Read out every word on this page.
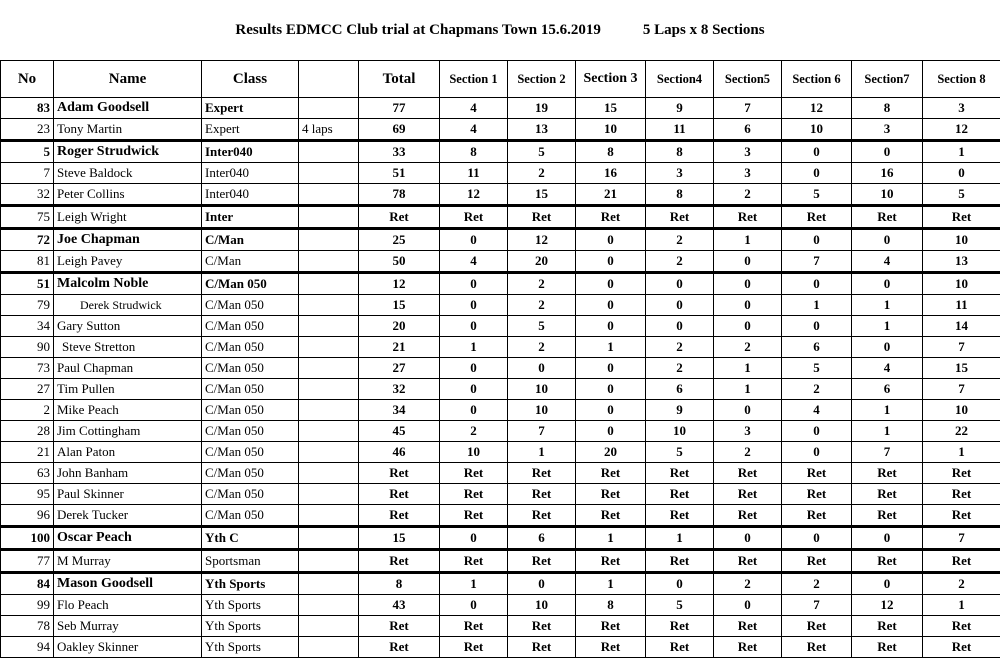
Results EDMCC Club trial at Chapmans Town 15.6.2019	5 Laps x 8 Sections
No	Name	Class		Total	Section 1	Section 2	Section 3	Section4	Section5	Section 6	Section7	Section 8
83	Adam Goodsell	Expert		77	4	19	15	9	7	12	8	3
23	Tony Martin	Expert	4 laps	69	4	13	10	11	6	10	3	12
5	Roger Strudwick	Inter040		33	8	5	8	8	3	0	0	1
7	Steve Baldock	Inter040		51	11	2	16	3	3	0	16	0
32	Peter Collins	Inter040		78	12	15	21	8	2	5	10	5
75	Leigh Wright	Inter		Ret	Ret	Ret	Ret	Ret	Ret	Ret	Ret	Ret
72	Joe Chapman	C/Man		25	0	12	0	2	1	0	0	10
81	Leigh Pavey	C/Man		50	4	20	0	2	0	7	4	13
51	Malcolm Noble	C/Man 050		12	0	2	0	0	0	0	0	10
79	Derek Strudwick	C/Man 050		15	0	2	0	0	0	1	1	11
34	Gary Sutton	C/Man 050		20	0	5	0	0	0	0	1	14
90	Steve Stretton	C/Man 050		21	1	2	1	2	2	6	0	7
73	Paul Chapman	C/Man 050		27	0	0	0	2	1	5	4	15
27	Tim Pullen	C/Man 050		32	0	10	0	6	1	2	6	7
2	Mike Peach	C/Man 050		34	0	10	0	9	0	4	1	10
28	Jim Cottingham	C/Man 050		45	2	7	0	10	3	0	1	22
21	Alan Paton	C/Man 050		46	10	1	20	5	2	0	7	1
63	John Banham	C/Man 050		Ret	Ret	Ret	Ret	Ret	Ret	Ret	Ret	Ret
95	Paul Skinner	C/Man 050		Ret	Ret	Ret	Ret	Ret	Ret	Ret	Ret	Ret
96	Derek Tucker	C/Man 050		Ret	Ret	Ret	Ret	Ret	Ret	Ret	Ret	Ret
100	Oscar Peach	Yth C		15	0	6	1	1	0	0	0	7
77	M Murray	Sportsman		Ret	Ret	Ret	Ret	Ret	Ret	Ret	Ret	Ret
84	Mason Goodsell	Yth Sports		8	1	0	1	0	2	2	0	2
99	Flo Peach	Yth Sports		43	0	10	8	5	0	7	12	1
78	Seb Murray	Yth Sports		Ret	Ret	Ret	Ret	Ret	Ret	Ret	Ret	Ret
94	Oakley Skinner	Yth Sports		Ret	Ret	Ret	Ret	Ret	Ret	Ret	Ret	Ret
